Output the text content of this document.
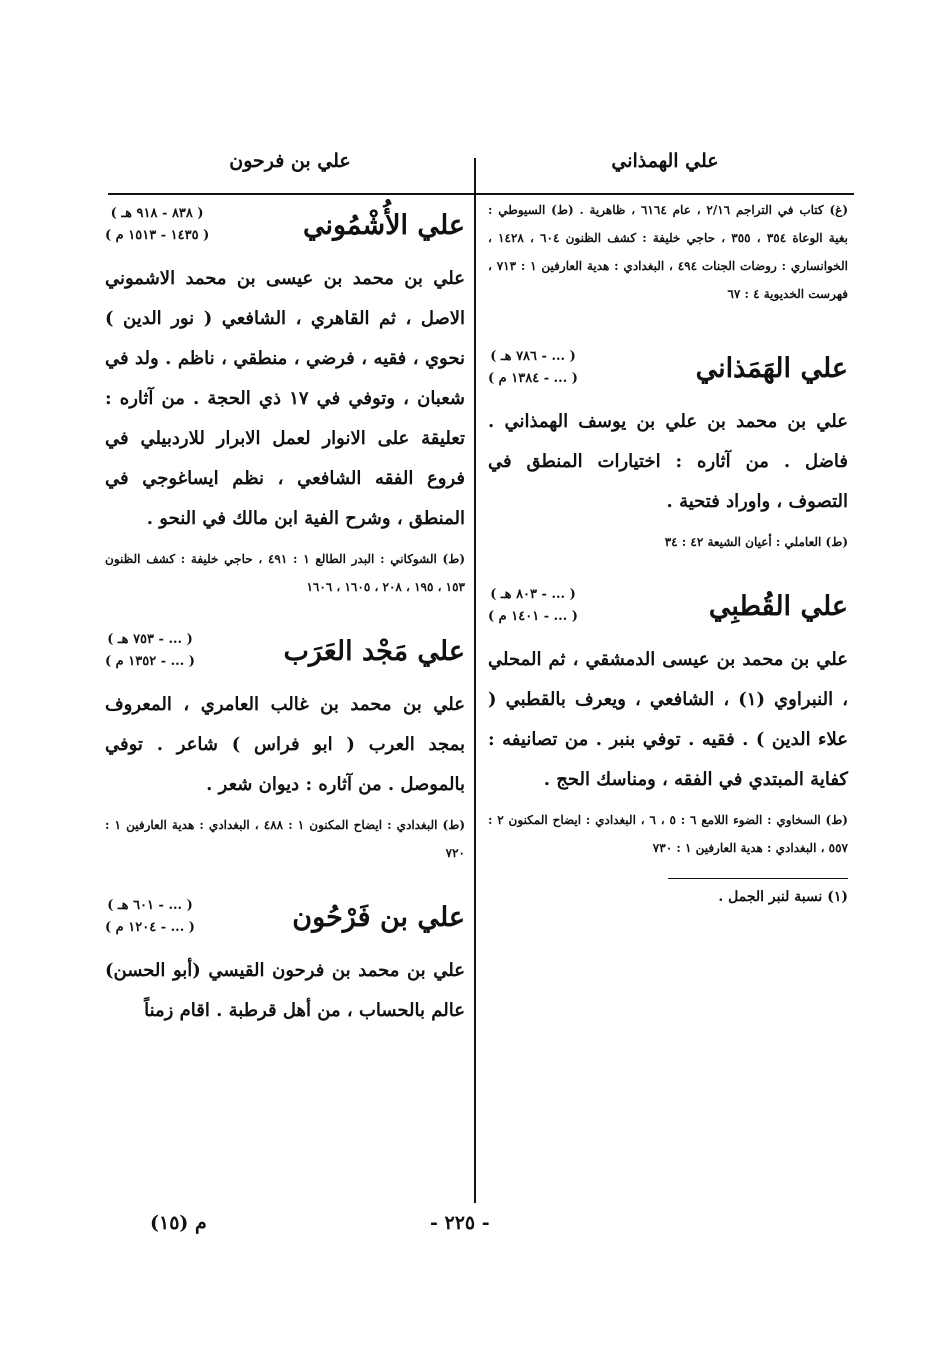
علي الهمذاني
علي بن فرحون

(غ) كتاب في التراجم ٢/١٦ ، عام ٦١٦٤ ، ظاهرية . (ط) السيوطي : بغية الوعاة ٣٥٤ ، ٣٥٥ ، حاجي خليفة : كشف الظنون ٦٠٤ ، ١٤٢٨ ، الخوانساري : روضات الجنات ٤٩٤ ، البغدادي : هدية العارفين ١ : ٧١٣ ، فهرست الخديوية ٤ : ٦٧

علي الهَمَذاني
( ... - ٧٨٦ هـ )
( ... - ١٣٨٤ م )

علي بن محمد بن علي بن يوسف الهمذاني . فاضل . من آثاره : اختيارات المنطق في التصوف ، واوراد فتحية .

(ط) العاملي : أعيان الشيعة ٤٢ : ٣٤

علي القُطبِي
( ... - ٨٠٣ هـ )
( ... - ١٤٠١ م )

علي بن محمد بن عيسى الدمشقي ، ثم المحلي ، النبراوي (١) ، الشافعي ، ويعرف بالقطبي ( علاء الدين ) . فقيه . توفي بنبر . من تصانيفه : كفاية المبتدي في الفقه ، ومناسك الحج .

(ط) السخاوي : الضوء اللامع ٦ : ٥ ، ٦ ، البغدادي : ايضاح المكنون ٢ : ٥٥٧ ، البغدادي : هدية العارفين ١ : ٧٣٠

(١) نسبة لنبر الجمل .
علي الأُشْمُوني
( ٨٣٨ - ٩١٨ هـ )
( ١٤٣٥ - ١٥١٣ م )

علي بن محمد بن عيسى بن محمد الاشموني الاصل ، ثم القاهري ، الشافعي ( نور الدين ) نحوي ، فقيه ، فرضي ، منطقي ، ناظم . ولد في شعبان ، وتوفي في ١٧ ذي الحجة . من آثاره : تعليقة على الانوار لعمل الابرار للاردبيلي في فروع الفقه الشافعي ، نظم ايساغوجي في المنطق ، وشرح الفية ابن مالك في النحو .

(ط) الشوكاني : البدر الطالع ١ : ٤٩١ ، حاجي خليفة : كشف الظنون ١٥٣ ، ١٩٥ ، ٢٠٨ ، ١٦٠٥ ، ١٦٠٦

علي مَجْد العَرَب
( ... - ٧٥٣ هـ )
( ... - ١٣٥٢ م )

علي بن محمد بن غالب العامري ، المعروف بمجد العرب ( ابو فراس ) شاعر . توفي بالموصل . من آثاره : ديوان شعر .

(ط) البغدادي : ايضاح المكنون ١ : ٤٨٨ ، البغدادي : هدية العارفين ١ : ٧٢٠

علي بن فَرْحُون
( ... - ٦٠١ هـ )
( ... - ١٢٠٤ م )

علي بن محمد بن فرحون القيسي (أبو الحسن) عالم بالحساب ، من أهل قرطبة . اقام زمناً

- ٢٢٥ -
م (١٥)
